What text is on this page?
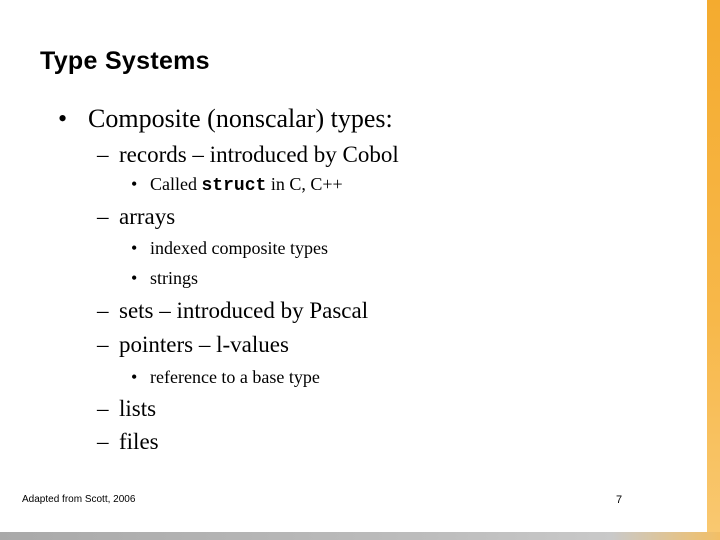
Type Systems
• Composite (nonscalar) types:
– records – introduced by Cobol
• Called struct in C, C++
– arrays
• indexed composite types
• strings
– sets – introduced by Pascal
– pointers – l-values
• reference to a base type
– lists
– files
Adapted from Scott, 2006	7
